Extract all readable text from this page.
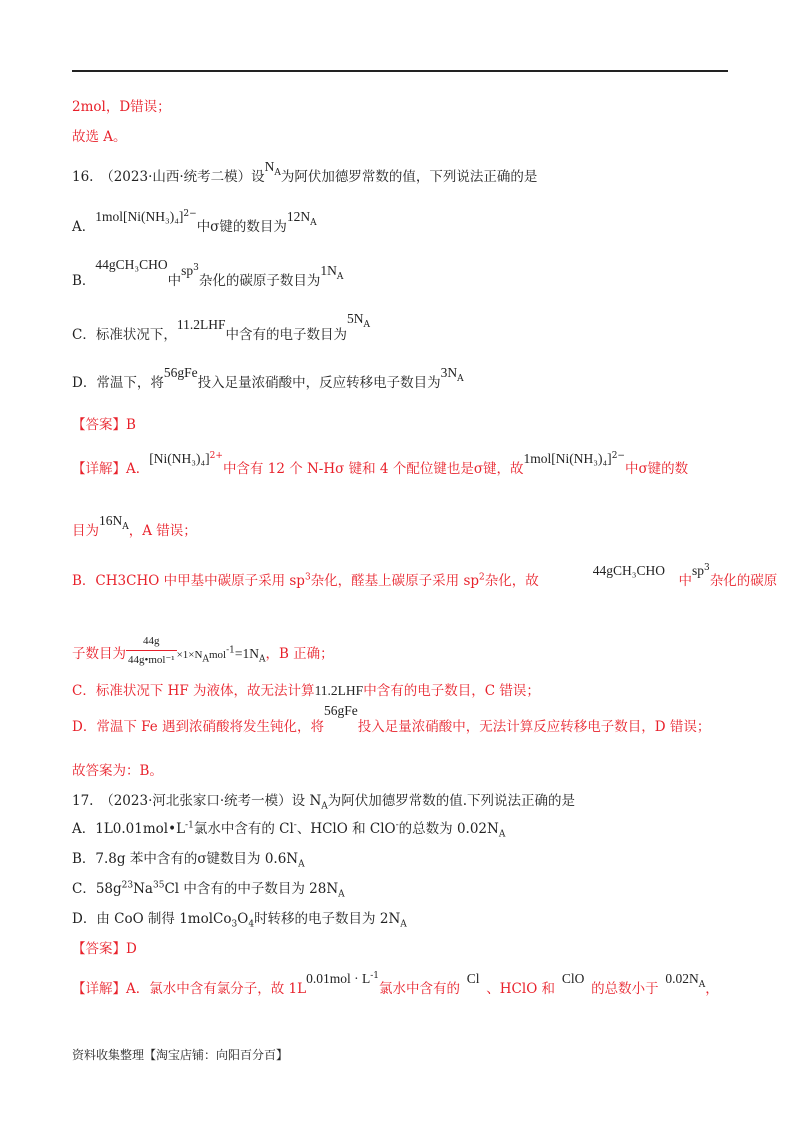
2mol，D错误；
故选 A。
16.　（2023·山西·统考二模）设$N_A$为阿伏加德罗常数的值，下列说法正确的是
A．$1mol[Ni(NH_3)_4]^{2-}$中σ键的数目为$12N_A$
B．44gCH₃CHO中$sp^3$杂化的碳原子数目为$1N_A$
C．标准状况下，11.2LHF中含有的电子数目为$5N_A$
D．常温下，将56gFe投入足量浓硝酸中，反应转移电子数目为$3N_A$
【答案】B
【详解】A．$[Ni(NH_3)_4]^{2+}$中含有 12 个 N-Hσ 键和 4 个配位键也是σ键，故$1mol[Ni(NH_3)_4]^{2-}$中σ键的数
目为$16N_A$，A 错误；
B．CH3CHO 中甲基中碳原子采用 $sp^3$杂化，醛基上碳原子采用 $sp^2$杂化，故    44gCH₃CHO  中$sp^3$杂化的碳原
子数目为 $\frac{44g}{\text{44g•mol⁻¹}} \times 1\times N_Amol^{-1}=1N_A$，B 正确；
C．标准状况下 HF 为液体，故无法计算11.2LHF中含有的电子数目，C 错误；
D．常温下 Fe 遇到浓硝酸将发生钝化，将56gFe投入足量浓硝酸中，无法计算反应转移电子数目，D 错误；
故答案为：B。
17.　（2023·河北张家口·统考一模）设 $N_A$为阿伏加德罗常数的值.下列说法正确的是
A．$1L0.01mol•L^{-1}$氯水中含有的 Cl-、HClO 和 ClO-的总数为 $0.02N_A$
B．7.8g 苯中含有的σ键数目为 $0.6N_A$
C．$58g^{23}Na^{35}Cl$ 中含有的中子数目为 $28N_A$
D．由 CoO 制得 $1molCo_3O_4$时转移的电子数目为 $2N_A$
【答案】D
【详解】A．氯水中含有氯分子，故 $1L0.01mol \cdot L^{-1}$氯水中含有的 Cl 、HClO 和 ClO 的总数小于 $0.02N_A$，
资料收集整理【淘宝店铺：向阳百分百】
